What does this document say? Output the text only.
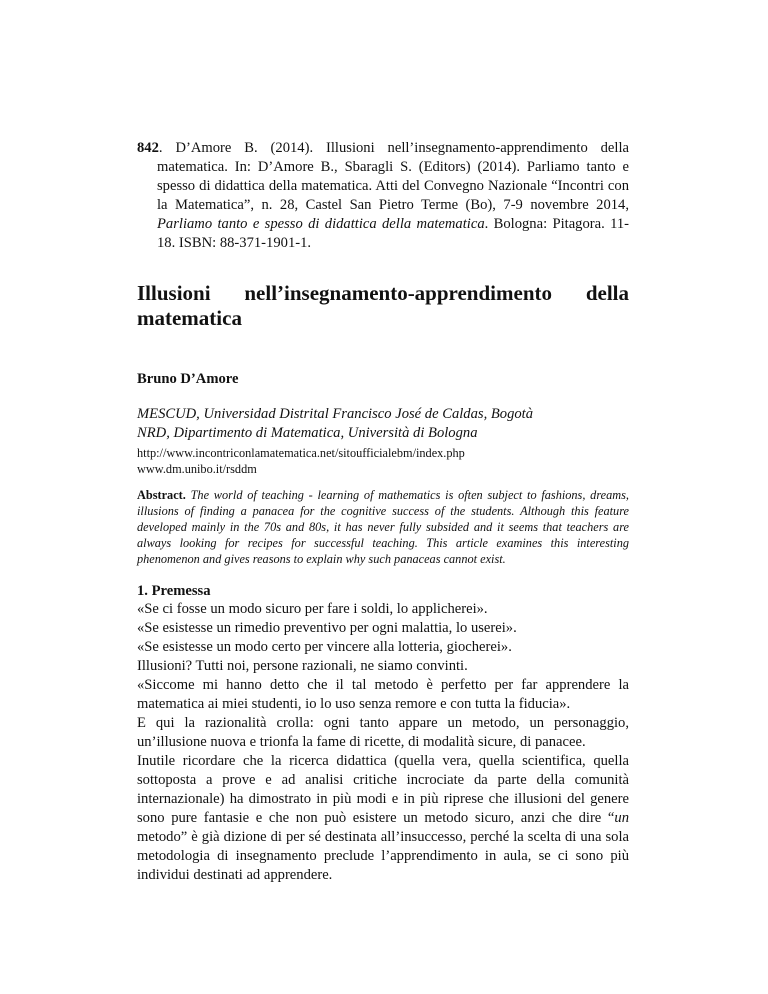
842. D’Amore B. (2014). Illusioni nell’insegnamento-apprendimento della matematica. In: D’Amore B., Sbaragli S. (Editors) (2014). Parliamo tanto e spesso di didattica della matematica. Atti del Convegno Nazionale “Incontri con la Matematica”, n. 28, Castel San Pietro Terme (Bo), 7-9 novembre 2014, Parliamo tanto e spesso di didattica della matematica. Bologna: Pitagora. 11-18. ISBN: 88-371-1901-1.
Illusioni nell’insegnamento-apprendimento della
matematica
Bruno D’Amore
MESCUD, Universidad Distrital Francisco José de Caldas, Bogotà
NRD, Dipartimento di Matematica, Università di Bologna
http://www.incontriconlamatematica.net/sitoufficialebm/index.php
www.dm.unibo.it/rsddm
Abstract. The world of teaching - learning of mathematics is often subject to fashions, dreams, illusions of finding a panacea for the cognitive success of the students. Although this feature developed mainly in the 70s and 80s, it has never fully subsided and it seems that teachers are always looking for recipes for successful teaching. This article examines this interesting phenomenon and gives reasons to explain why such panaceas cannot exist.
1. Premessa

«Se ci fosse un modo sicuro per fare i soldi, lo applicherei».

«Se esistesse un rimedio preventivo per ogni malattia, lo userei».

«Se esistesse un modo certo per vincere alla lotteria, giocherei».

Illusioni? Tutti noi, persone razionali, ne siamo convinti.

«Siccome mi hanno detto che il tal metodo è perfetto per far apprendere la matematica ai miei studenti, io lo uso senza remore e con tutta la fiducia».

E qui la razionalità crolla: ogni tanto appare un metodo, un personaggio, un’illusione nuova e trionfa la fame di ricette, di modalità sicure, di panacee.

Inutile ricordare che la ricerca didattica (quella vera, quella scientifica, quella sottoposta a prove e ad analisi critiche incrociate da parte della comunità internazionale) ha dimostrato in più modi e in più riprese che illusioni del genere sono pure fantasie e che non può esistere un metodo sicuro, anzi che dire “un metodo” è già dizione di per sé destinata all’insuccesso, perché la scelta di una sola metodologia di insegnamento preclude l’apprendimento in aula, se ci sono più individui destinati ad apprendere.
